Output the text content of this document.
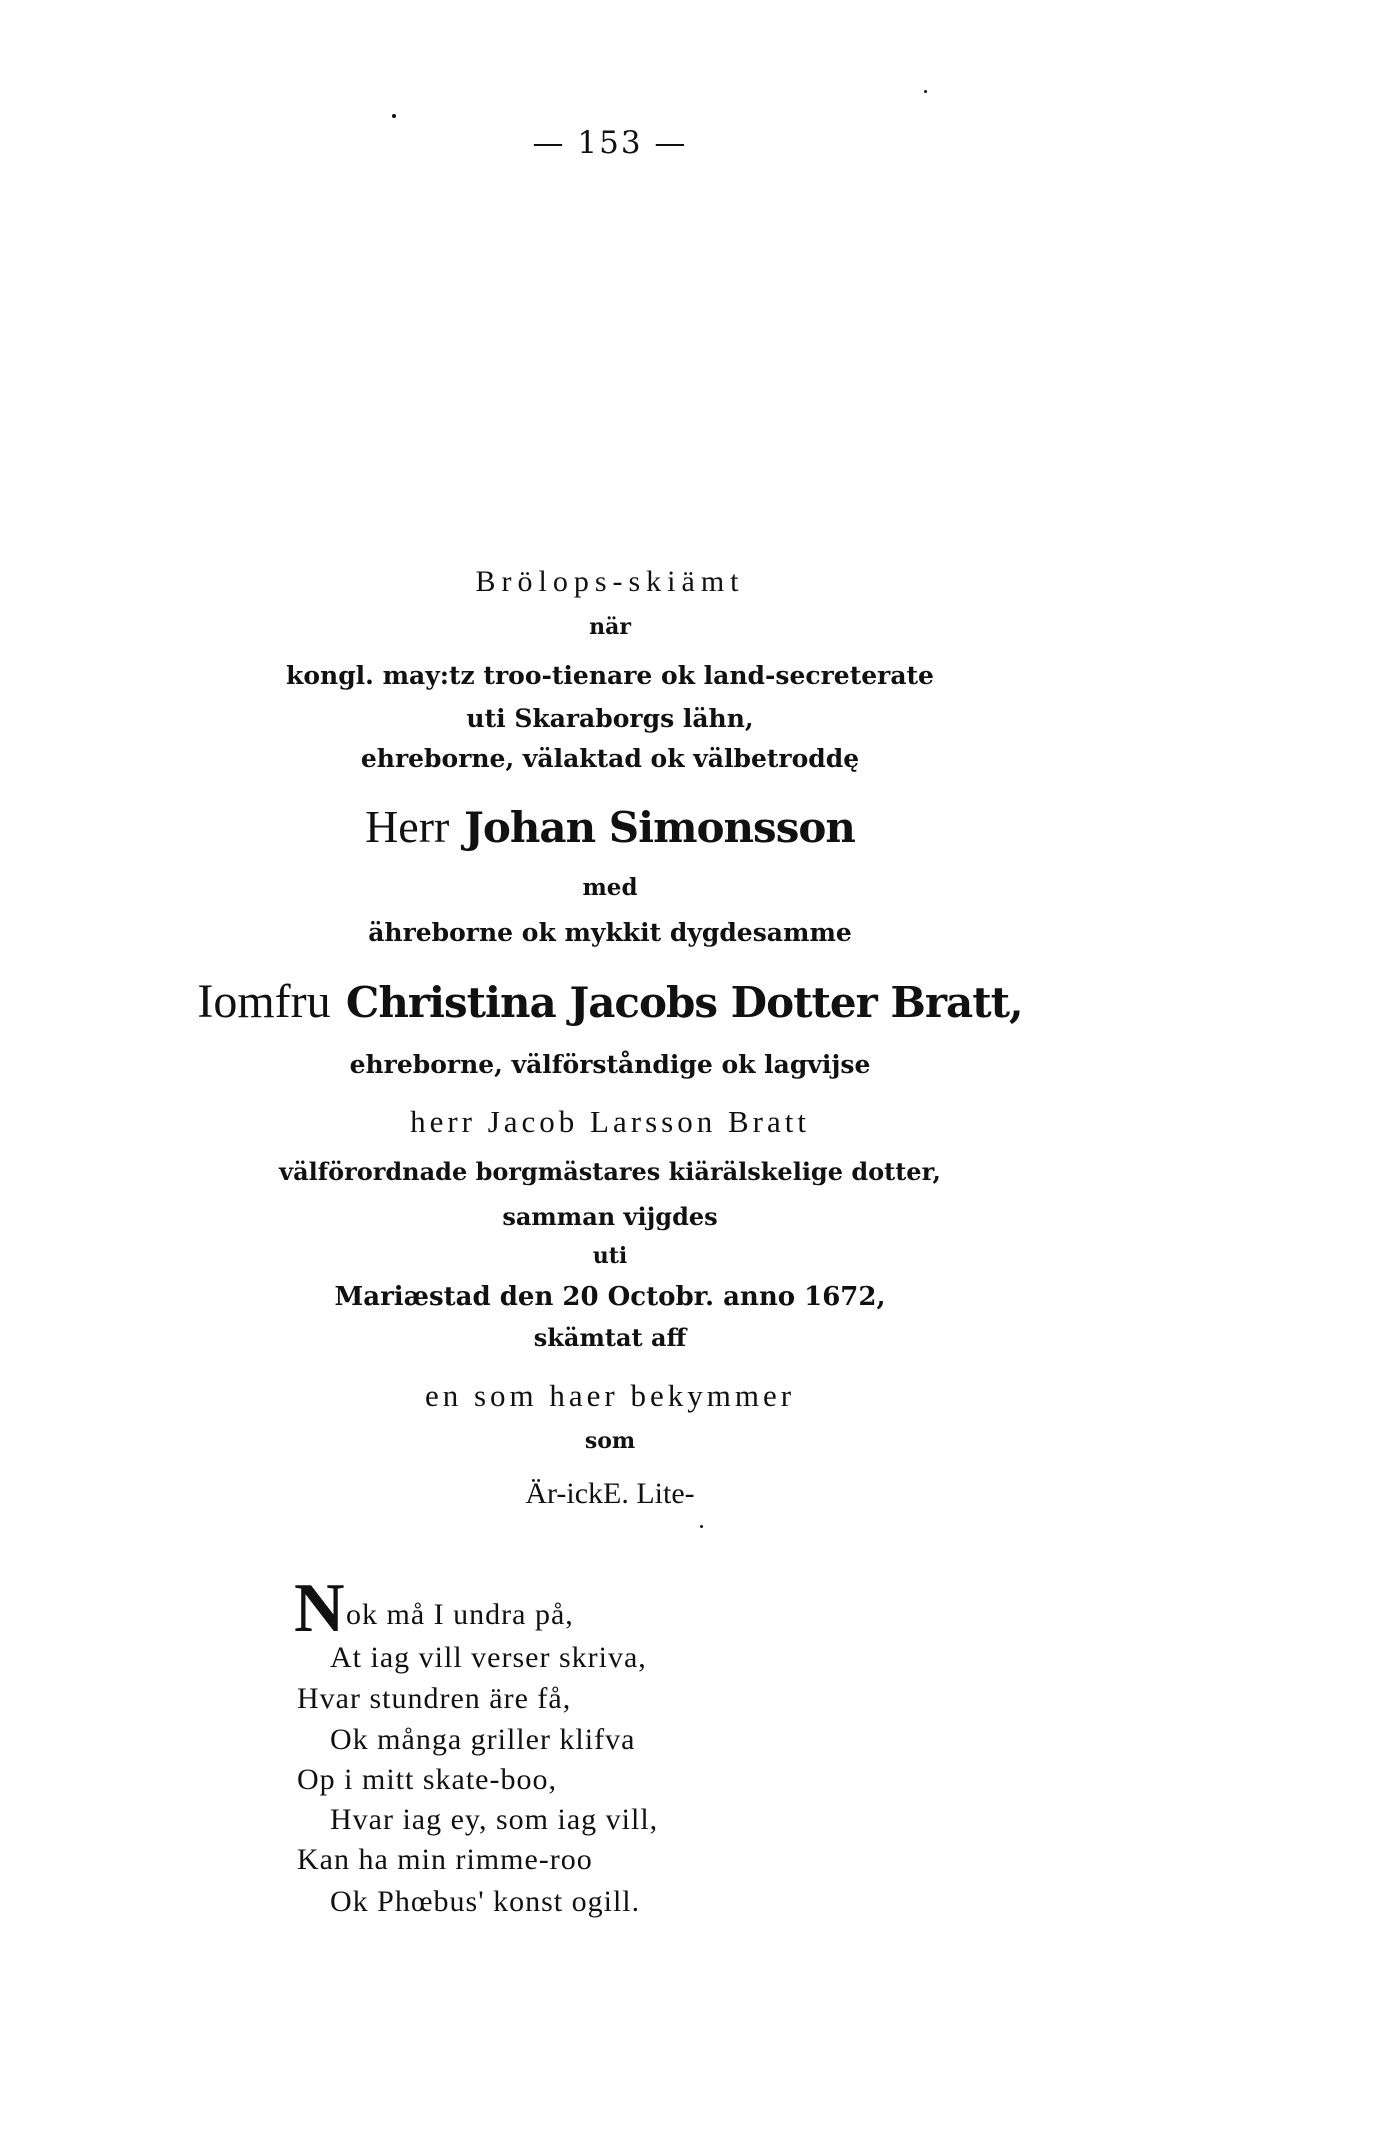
— 153 —
Brölops-skiämt
när
kongl. may:tz troo-tienare ok land-secreterate
uti Skaraborgs lähn,
ehreborne, välaktad ok välbetroddę
Herr Johan Simonsson
med
ähreborne ok mykkit dygdesamme
Iomfru Christina Jacobs Dotter Bratt,
ehreborne, välförståndige ok lagvijse
herr Jacob Larsson Bratt
välförordnade borgmästares kiärälskelige dotter,
samman vijgdes
uti
Mariæstad den 20 Octobr. anno 1672,
skämtat aff
en som haer bekymmer
som
Är-ickE. Lite-
N ok må I undra på,
At iag vill verser skriva,
Hvar stundren äre få,
Ok många griller klifva
Op i mitt skate-boo,
Hvar iag ey, som iag vill,
Kan ha min rimme-roo
Ok Phœbus' konst ogill.
